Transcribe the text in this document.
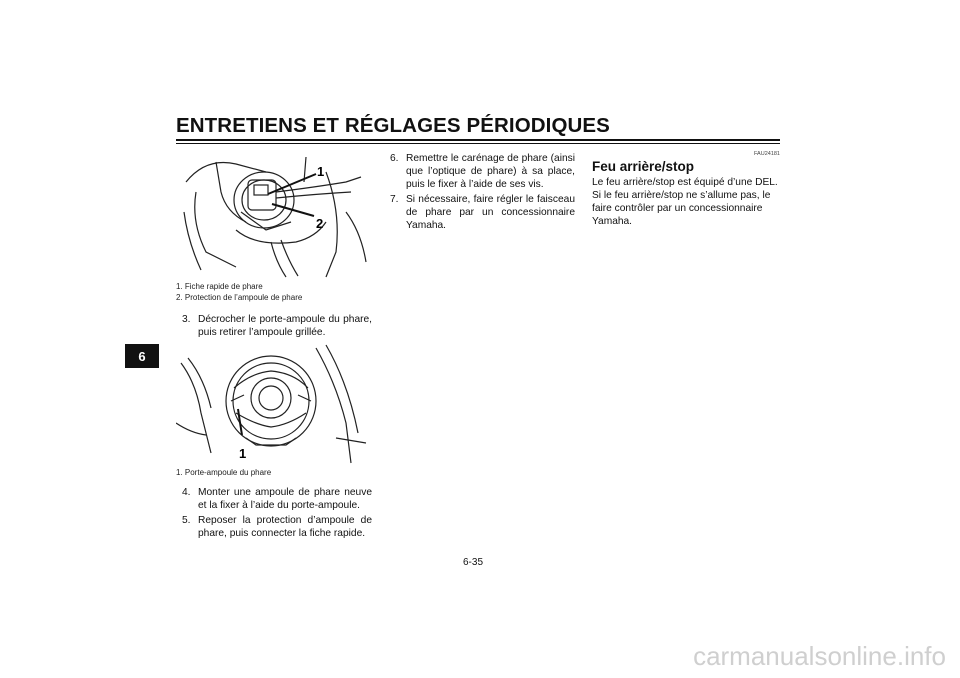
ENTRETIENS ET RÉGLAGES PÉRIODIQUES
6
1
2
1. Fiche rapide de phare
2. Protection de l’ampoule de phare
3. Décrocher le porte-ampoule du phare, puis retirer l’ampoule grillée.
1
1. Porte-ampoule du phare
4. Monter une ampoule de phare neuve et la fixer à l’aide du porte-ampoule.
5. Reposer la protection d’ampoule de phare, puis connecter la fiche rapide.
6. Remettre le carénage de phare (ainsi que l’optique de phare) à sa place, puis le fixer à l’aide de ses vis.
7. Si nécessaire, faire régler le faisceau de phare par un concessionnaire Yamaha.
FAU24181
Feu arrière/stop
Le feu arrière/stop est équipé d’une DEL.
Si le feu arrière/stop ne s’allume pas, le faire contrôler par un concessionnaire Yamaha.
6-35
carmanualsonline.info
